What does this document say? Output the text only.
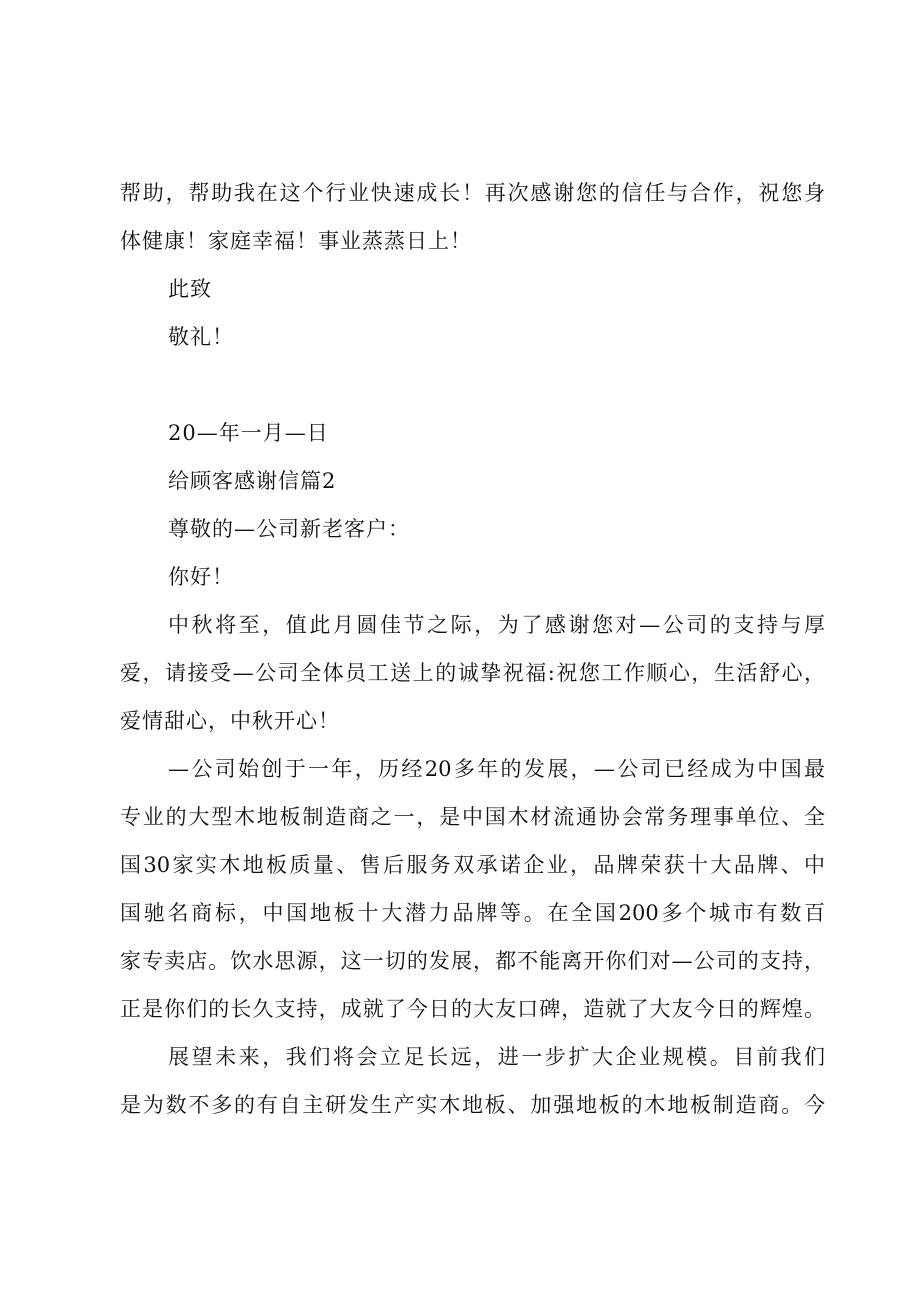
帮助，帮助我在这个行业快速成长！再次感谢您的信任与合作，祝您身
体健康！家庭幸福！事业蒸蒸日上！
此致
敬礼！
20—年一月—日
给顾客感谢信篇2
尊敬的—公司新老客户：
你好！
中秋将至，值此月圆佳节之际，为了感谢您对—公司的支持与厚
爱，请接受—公司全体员工送上的诚挚祝福:祝您工作顺心，生活舒心，
爱情甜心，中秋开心！
—公司始创于一年，历经20多年的发展，—公司已经成为中国最
专业的大型木地板制造商之一，是中国木材流通协会常务理事单位、全
国30家实木地板质量、售后服务双承诺企业，品牌荣获十大品牌、中
国驰名商标，中国地板十大潜力品牌等。在全国200多个城市有数百
家专卖店。饮水思源，这一切的发展，都不能离开你们对—公司的支持，
正是你们的长久支持，成就了今日的大友口碑，造就了大友今日的辉煌。
展望未来，我们将会立足长远，进一步扩大企业规模。目前我们
是为数不多的有自主研发生产实木地板、加强地板的木地板制造商。今
